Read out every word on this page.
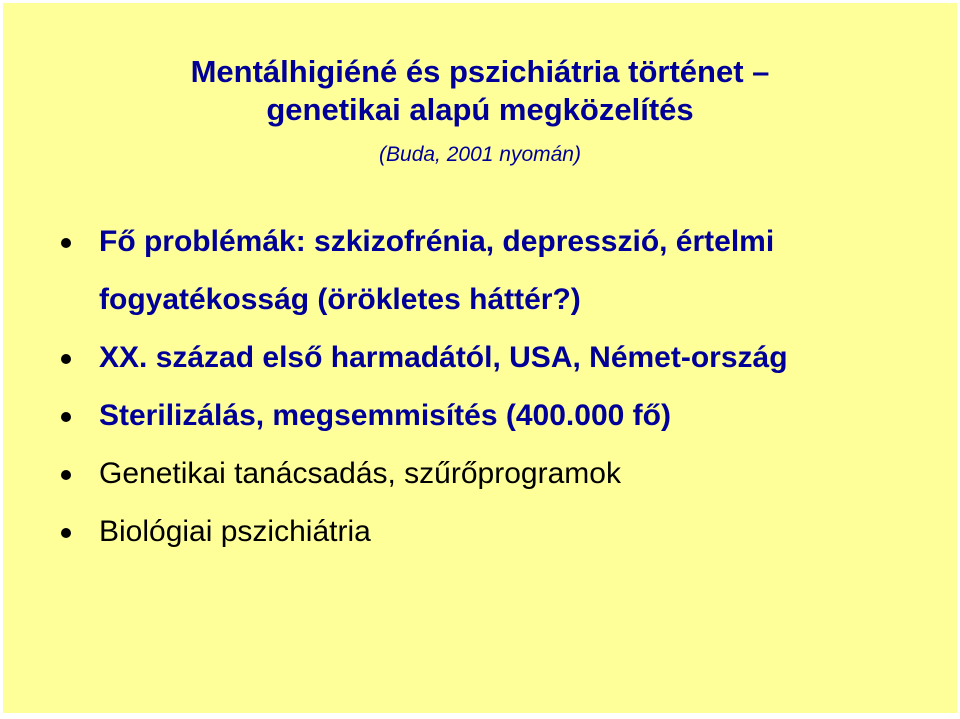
Mentálhigiéné és pszichiátria történet –
genetikai alapú megközelítés
(Buda, 2001 nyomán)
Fő problémák: szkizofrénia, depresszió, értelmi fogyatékosság (örökletes háttér?)
XX. század első harmadától, USA, Német-ország
Sterilizálás, megsemmisítés (400.000 fő)
Genetikai tanácsadás, szűrőprogramok
Biológiai pszichiátria
